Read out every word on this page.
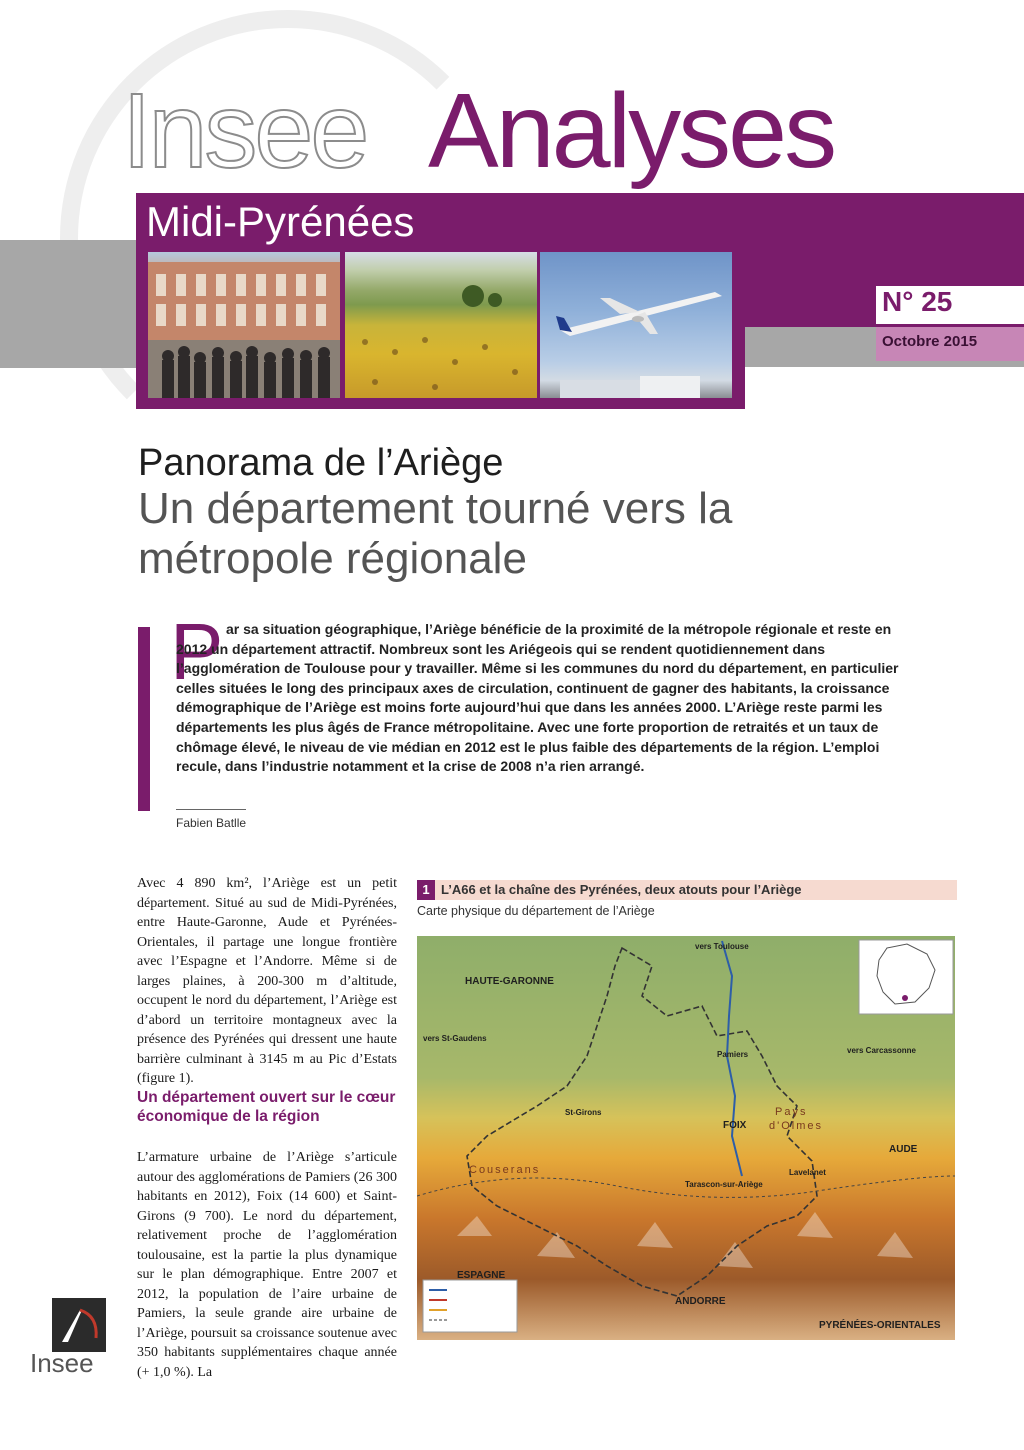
Insee Analyses
Midi-Pyrénées
N° 25
Octobre 2015
Panorama de l’Ariège
Un département tourné vers la métropole régionale
P ar sa situation géographique, l’Ariège bénéficie de la proximité de la métropole régionale et reste en 2012 un département attractif. Nombreux sont les Ariégeois qui se rendent quotidiennement dans l’agglomération de Toulouse pour y travailler. Même si les communes du nord du département, en particulier celles situées le long des principaux axes de circulation, continuent de gagner des habitants, la croissance démographique de l’Ariège est moins forte aujourd’hui que dans les années 2000. L’Ariège reste parmi les départements les plus âgés de France métropolitaine. Avec une forte proportion de retraités et un taux de chômage élevé, le niveau de vie médian en 2012 est le plus faible des départements de la région. L’emploi recule, dans l’industrie notamment et la crise de 2008 n’a rien arrangé.
Fabien Batlle
Avec 4 890 km², l’Ariège est un petit département. Situé au sud de Midi-Pyrénées, entre Haute-Garonne, Aude et Pyrénées-Orientales, il partage une longue frontière avec l’Espagne et l’Andorre. Même si de larges plaines, à 200-300 m d’altitude, occupent le nord du département, l’Ariège est d’abord un territoire montagneux avec la présence des Pyrénées qui dressent une haute barrière culminant à 3145 m au Pic d’Estats (figure 1).
Un département ouvert sur le cœur économique de la région
L’armature urbaine de l’Ariège s’articule autour des agglomérations de Pamiers (26 300 habitants en 2012), Foix (14 600) et Saint-Girons (9 700). Le nord du département, relativement proche de l’agglomération toulousaine, est la partie la plus dynamique sur le plan démographique. Entre 2007 et 2012, la population de l’aire urbaine de Pamiers, la seule grande aire urbaine de l’Ariège, poursuit sa croissance soutenue avec 350 habitants supplémentaires chaque année (+ 1,0 %). La
1 L’A66 et la chaîne des Pyrénées, deux atouts pour l’Ariège
Carte physique du département de l’Ariège
HAUTE-GARONNE
vers Toulouse
vers St-Gaudens
vers Carcassonne
Pamiers
Pays
d'Olmes
St-Girons
FOIX
AUDE
Couserans
Tarascon-sur-Ariège
Lavelanet
ESPAGNE
ANDORRE
PYRÉNÉES-ORIENTALES
Insee
